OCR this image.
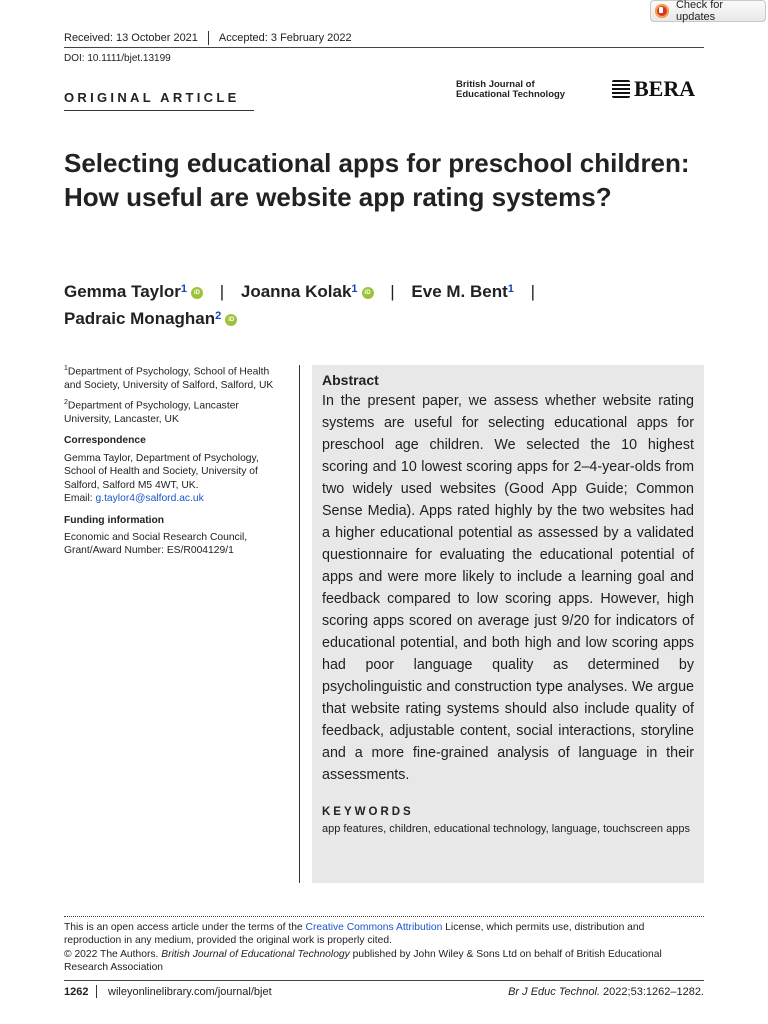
Check for updates
Received: 13 October 2021 Accepted: 3 February 2022
DOI: 10.1111/bjet.13199
ORIGINAL ARTICLE
British Journal of
Educational Technology	BERA
Selecting educational apps for preschool children: How useful are website app rating systems?
Gemma Taylor$^1$ iD | Joanna Kolak$^1$ iD | Eve M. Bent$^1$ |
Padraic Monaghan$^2$ iD

$^1$Department of Psychology, School of Health and Society, University of Salford, Salford, UK

$^2$Department of Psychology, Lancaster University, Lancaster, UK

Correspondence

Gemma Taylor, Department of Psychology, School of Health and Society, University of Salford, Salford M5 4WT, UK.
Email: g.taylor4@salford.ac.uk

Funding information

Economic and Social Research Council, Grant/Award Number: ES/R004129/1

Abstract
In the present paper, we assess whether website rating systems are useful for selecting educational apps for preschool age children. We selected the 10 highest scoring and 10 lowest scoring apps for 2–4-year-olds from two widely used websites (Good App Guide; Common Sense Media). Apps rated highly by the two websites had a higher educational potential as assessed by a validated questionnaire for evaluating the educational potential of apps and were more likely to include a learning goal and feedback compared to low scoring apps. However, high scoring apps scored on average just 9/20 for indicators of educational potential, and both high and low scoring apps had poor language quality as determined by psycholinguistic and construction type analyses. We argue that website rating systems should also include quality of feedback, adjustable content, social interactions, storyline and a more fine-grained analysis of language in their assessments.
KEYWORDS
app features, children, educational technology, language, touchscreen apps
This is an open access article under the terms of the Creative Commons Attribution License, which permits use, distribution and reproduction in any medium, provided the original work is properly cited.
© 2022 The Authors. British Journal of Educational Technology published by John Wiley & Sons Ltd on behalf of British Educational Research Association
1262 wileyonlinelibrary.com/journal/bjet	Br J Educ Technol. 2022;53:1262–1282.
